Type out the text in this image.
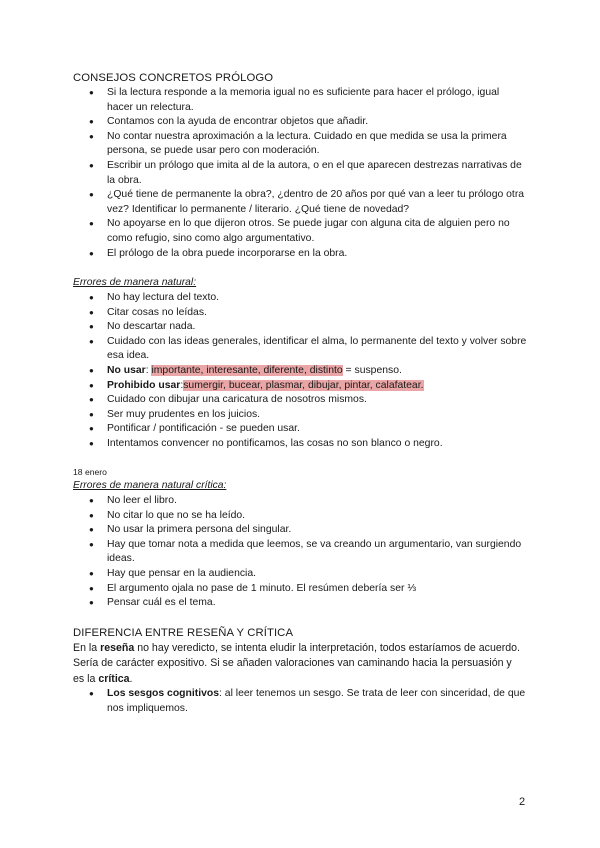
CONSEJOS CONCRETOS PRÓLOGO
● Si la lectura responde a la memoria igual no es suficiente para hacer el prólogo, igual hacer un relectura.
● Contamos con la ayuda de encontrar objetos que añadir.
● No contar nuestra aproximación a la lectura. Cuidado en que medida se usa la primera persona, se puede usar pero con moderación.
● Escribir un prólogo que imita al de la autora, o en el que aparecen destrezas narrativas de la obra.
● ¿Qué tiene de permanente la obra?, ¿dentro de 20 años por qué van a leer tu prólogo otra vez? Identificar lo permanente / literario. ¿Qué tiene de novedad?
● No apoyarse en lo que dijeron otros. Se puede jugar con alguna cita de alguien pero no como refugio, sino como algo argumentativo.
● El prólogo de la obra puede incorporarse en la obra.
Errores de manera natural:
● No hay lectura del texto.
● Citar cosas no leídas.
● No descartar nada.
● Cuidado con las ideas generales, identificar el alma, lo permanente del texto y volver sobre esa idea.
● No usar: importante, interesante, diferente, distinto = suspenso.
● Prohibido usar:sumergir, bucear, plasmar, dibujar, pintar, calafatear.
● Cuidado con dibujar una caricatura de nosotros mismos.
● Ser muy prudentes en los juicios.
● Pontificar / pontificación - se pueden usar.
● Intentamos convencer no pontificamos, las cosas no son blanco o negro.
18 enero
Errores de manera natural crítica:
● No leer el libro.
● No citar lo que no se ha leído.
● No usar la primera persona del singular.
● Hay que tomar nota a medida que leemos, se va creando un argumentario, van surgiendo ideas.
● Hay que pensar en la audiencia.
● El argumento ojala no pase de 1 minuto. El resúmen debería ser ⅓
● Pensar cuál es el tema.
DIFERENCIA ENTRE RESEÑA Y CRÍTICA
En la reseña no hay veredicto, se intenta eludir la interpretación, todos estaríamos de acuerdo. Sería de carácter expositivo. Si se añaden valoraciones van caminando hacia la persuasión y es la crítica.
● Los sesgos cognitivos: al leer tenemos un sesgo. Se trata de leer con sinceridad, de que nos impliquemos.
2
